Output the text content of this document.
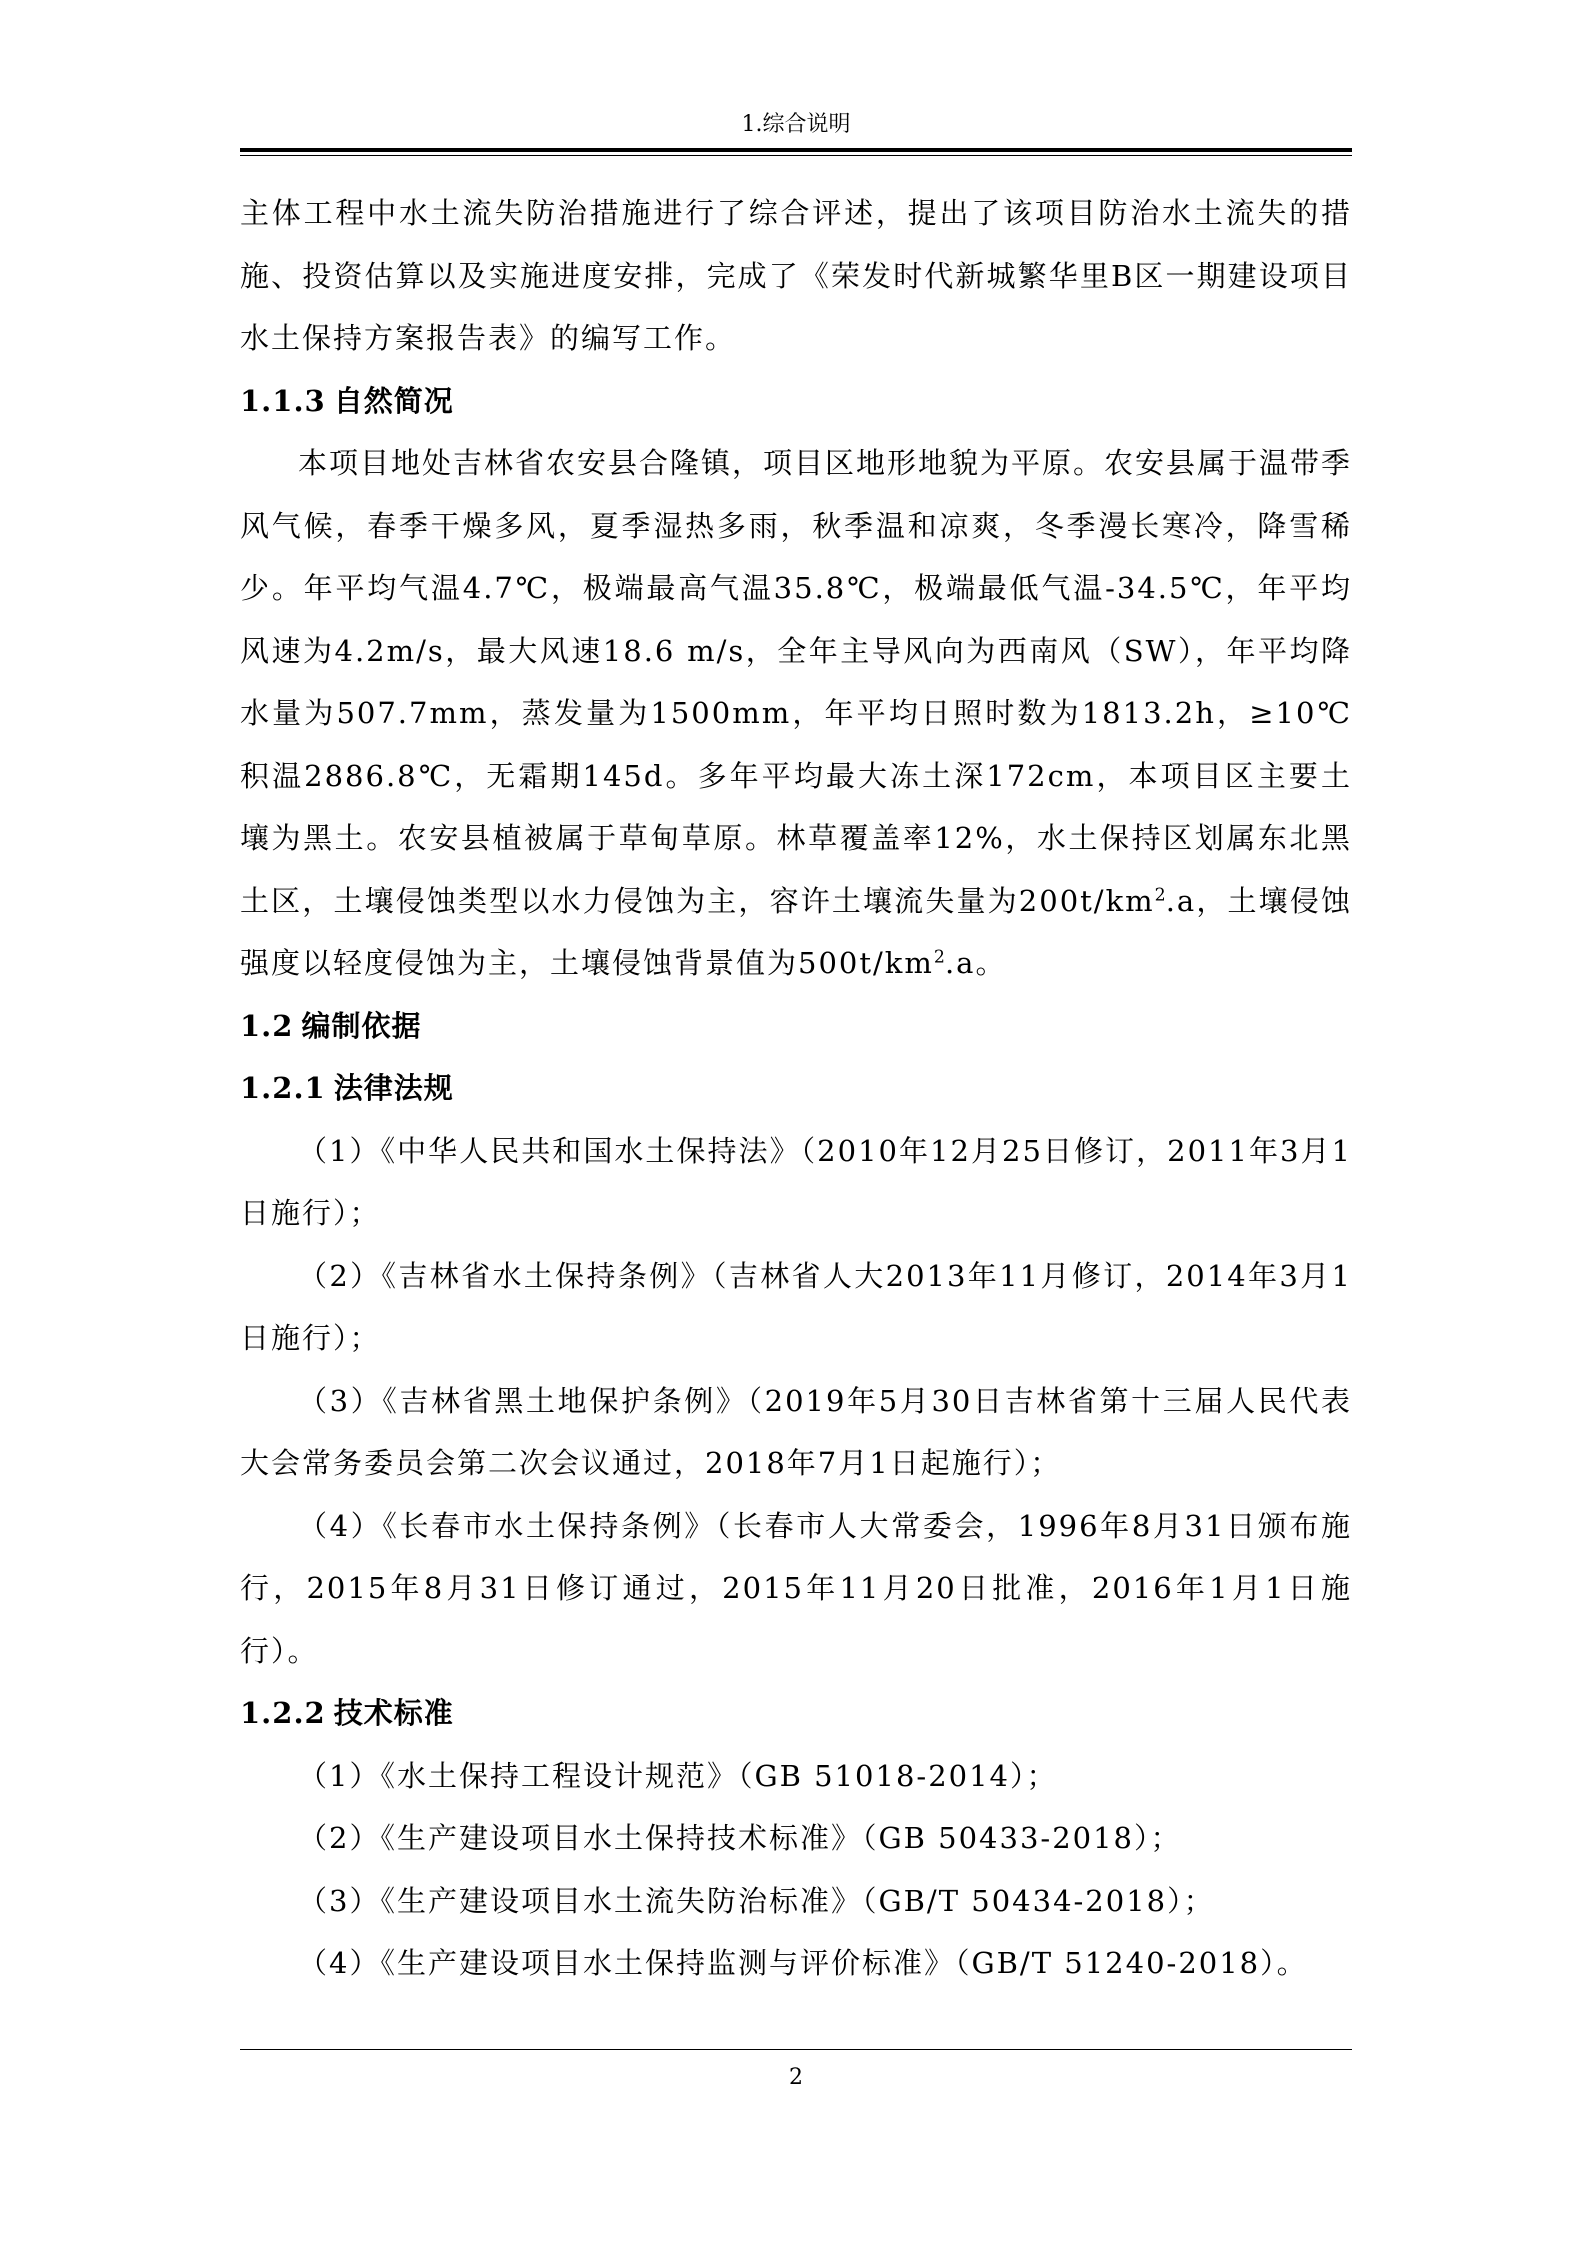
1.综合说明

主体工程中水土流失防治措施进行了综合评述，提出了该项目防治水土流失的措施、投资估算以及实施进度安排，完成了《荣发时代新城繁华里B区一期建设项目水土保持方案报告表》的编写工作。

1.1.3 自然简况

本项目地处吉林省农安县合隆镇，项目区地形地貌为平原。农安县属于温带季风气候，春季干燥多风，夏季湿热多雨，秋季温和凉爽，冬季漫长寒冷，降雪稀少。年平均气温4.7℃，极端最高气温35.8℃，极端最低气温-34.5℃，年平均风速为4.2m/s，最大风速18.6 m/s，全年主导风向为西南风（SW），年平均降水量为507.7mm，蒸发量为1500mm，年平均日照时数为1813.2h，≥10℃积温2886.8℃，无霜期145d。多年平均最大冻土深172cm，本项目区主要土壤为黑土。农安县植被属于草甸草原。林草覆盖率12%，水土保持区划属东北黑土区，土壤侵蚀类型以水力侵蚀为主，容许土壤流失量为$200t/km^2.a$，土壤侵蚀强度以轻度侵蚀为主，土壤侵蚀背景值为$500t/km^2.a$。

1.2 编制依据
1.2.1 法律法规

（1）《中华人民共和国水土保持法》（2010年12月25日修订，2011年3月1日施行）；

（2）《吉林省水土保持条例》（吉林省人大2013年11月修订，2014年3月1日施行）；

（3）《吉林省黑土地保护条例》（2019年5月30日吉林省第十三届人民代表大会常务委员会第二次会议通过，2018年7月1日起施行）；

（4）《长春市水土保持条例》（长春市人大常委会，1996年8月31日颁布施行，2015年8月31日修订通过，2015年11月20日批准，2016年1月1日施行）。

1.2.2 技术标准

（1）《水土保持工程设计规范》（GB 51018-2014）；

（2）《生产建设项目水土保持技术标准》（GB 50433-2018）；

（3）《生产建设项目水土流失防治标准》（GB/T 50434-2018）；

（4）《生产建设项目水土保持监测与评价标准》（GB/T 51240-2018）。

2
